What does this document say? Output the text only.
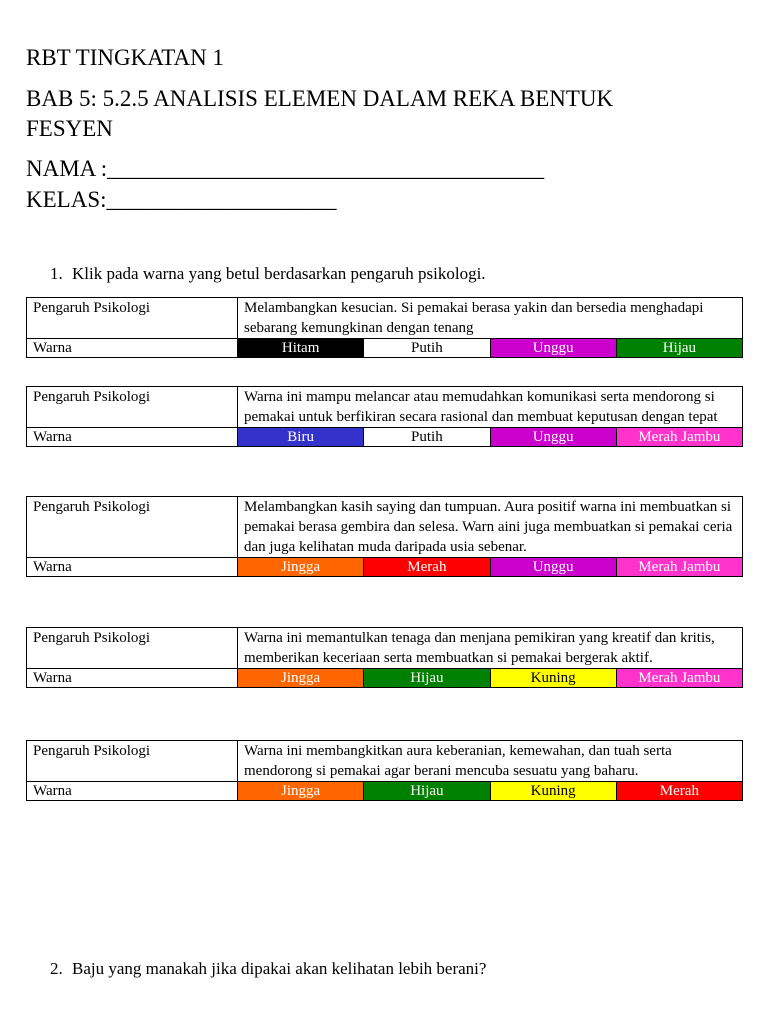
RBT TINGKATAN 1
BAB 5: 5.2.5 ANALISIS ELEMEN DALAM REKA BENTUK
FESYEN
NAMA :______________________________________
KELAS:____________________
1. Klik pada warna yang betul berdasarkan pengaruh psikologi.
Pengaruh Psikologi	Melambangkan kesucian. Si pemakai berasa yakin dan bersedia menghadapi sebarang kemungkinan dengan tenang			
Warna	Hitam	Putih	Unggu	Hijau
Pengaruh Psikologi	Warna ini mampu melancar atau memudahkan komunikasi serta mendorong si pemakai untuk berfikiran secara rasional dan membuat keputusan dengan tepat			
Warna	Biru	Putih	Unggu	Merah Jambu
Pengaruh Psikologi	Melambangkan kasih saying dan tumpuan. Aura positif warna ini membuatkan si pemakai berasa gembira dan selesa. Warn aini juga membuatkan si pemakai ceria dan juga kelihatan muda daripada usia sebenar.			
Warna	Jingga	Merah	Unggu	Merah Jambu
Pengaruh Psikologi	Warna ini memantulkan tenaga dan menjana pemikiran yang kreatif dan kritis, memberikan keceriaan serta membuatkan si pemakai bergerak aktif.			
Warna	Jingga	Hijau	Kuning	Merah Jambu
Pengaruh Psikologi	Warna ini membangkitkan aura keberanian, kemewahan, dan tuah serta mendorong si pemakai agar berani mencuba sesuatu yang baharu.			
Warna	Jingga	Hijau	Kuning	Merah
2. Baju yang manakah jika dipakai akan kelihatan lebih berani?
